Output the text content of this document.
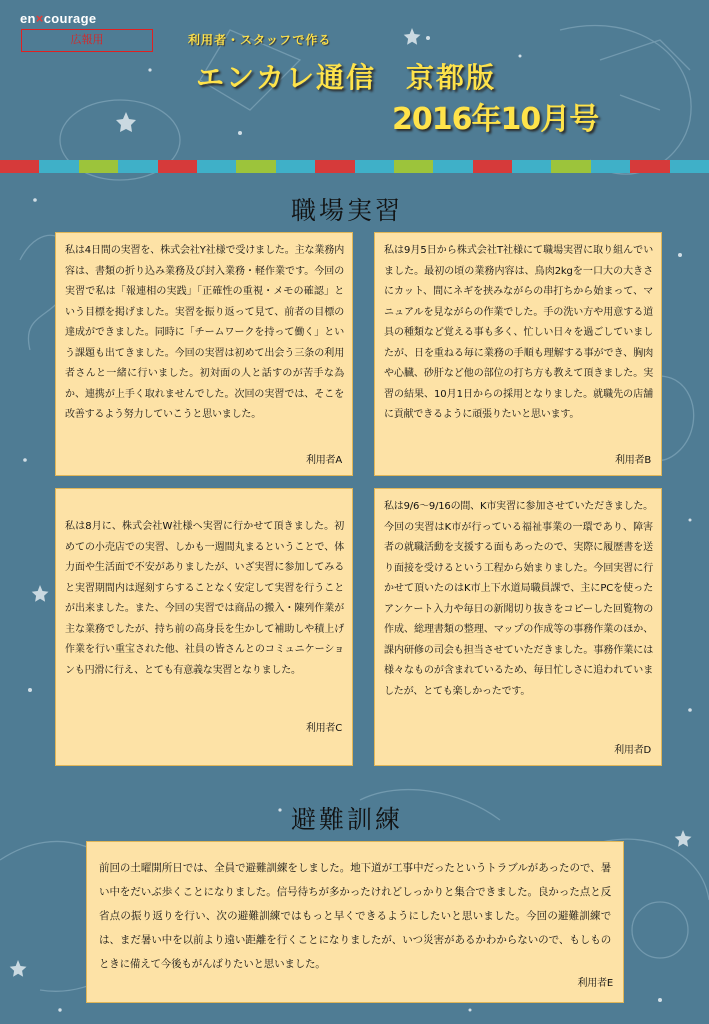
en×courage
広報用	利用者・スタッフで作る
エンカレ通信 京都版
2016年10月号
職場実習
私は4日間の実習を、株式会社Y社様で受けました。主な業務内容は、書類の折り込み業務及び封入業務・軽作業です。今回の実習で私は「報連相の実践」「正確性の重視・メモの確認」という目標を掲げました。実習を振り返って見て、前者の目標の達成ができました。同時に「チームワークを持って働く」という課題も出てきました。今回の実習は初めて出会う三条の利用者さんと一緒に行いました。初対面の人と話すのが苦手な為か、連携が上手く取れませんでした。次回の実習では、そこを改善するよう努力していこうと思いました。
利用者A
私は9月5日から株式会社T社様にて職場実習に取り組んでいました。最初の頃の業務内容は、鳥肉2kgを一口大の大きさにカット、間にネギを挟みながらの串打ちから始まって、マニュアルを見ながらの作業でした。手の洗い方や用意する道具の種類など覚える事も多く、忙しい日々を過ごしていましたが、日を重ねる毎に業務の手順も理解する事ができ、胸肉や心臓、砂肝など他の部位の打ち方も教えて頂きました。実習の結果、10月1日からの採用となりました。就職先の店舗に貢献できるように頑張りたいと思います。
利用者B
私は8月に、株式会社W社様へ実習に行かせて頂きました。初めての小売店での実習、しかも一週間丸まるということで、体力面や生活面で不安がありましたが、いざ実習に参加してみると実習期間内は遅刻すらすることなく安定して実習を行うことが出来ました。また、今回の実習では商品の搬入・陳列作業が主な業務でしたが、持ち前の高身長を生かして補助しや積上げ作業を行い重宝された他、社員の皆さんとのコミュニケーションも円滑に行え、とても有意義な実習となりました。
利用者C
私は9/6～9/16の間、K市実習に参加させていただきました。今回の実習はK市が行っている福祉事業の一環であり、障害者の就職活動を支援する面もあったので、実際に履歴書を送り面接を受けるという工程から始まりました。今回実習に行かせて頂いたのはK市上下水道局職員課で、主にPCを使ったアンケート入力や毎日の新聞切り抜きをコピーした回覧物の作成、総理書類の整理、マップの作成等の事務作業のほか、課内研修の司会も担当させていただきました。事務作業には様々なものが含まれているため、毎日忙しさに追われていましたが、とても楽しかったです。
利用者D
避難訓練
前回の土曜開所日では、全員で避難訓練をしました。地下道が工事中だったというトラブルがあったので、暑い中をだいぶ歩くことになりました。信号待ちが多かったけれどしっかりと集合できました。良かった点と反省点の振り返りを行い、次の避難訓練ではもっと早くできるようにしたいと思いました。今回の避難訓練では、まだ暑い中を以前より遠い距離を行くことになりましたが、いつ災害があるかわからないので、もしものときに備えて今後もがんばりたいと思いました。
利用者E
